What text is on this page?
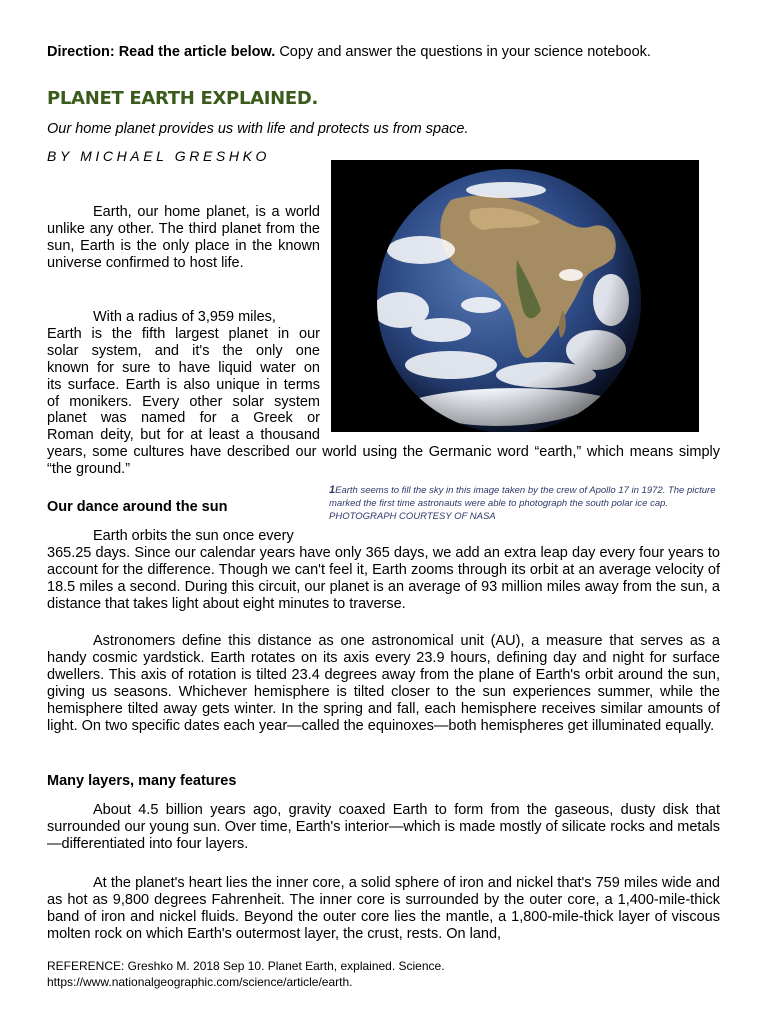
Direction: Read the article below. Copy and answer the questions in your science notebook.
PLANET EARTH EXPLAINED.
Our home planet provides us with life and protects us from space.
BY MICHAEL GRESHKO
Earth, our home planet, is a world unlike any other. The third planet from the sun, Earth is the only place in the known universe confirmed to host life.

With a radius of 3,959 miles,

Earth is the fifth largest planet in our

solar system, and it's the only one

known for sure to have liquid water on

its surface. Earth is also unique in terms

of monikers. Every other solar system

planet was named for a Greek or

Roman deity, but for at least a thousand

years, some cultures have described our world using the Germanic word “earth,” which means simply “the ground.”
1Earth seems to fill the sky in this image taken by the crew of Apollo 17 in 1972. The picture marked the first time astronauts were able to photograph the south polar ice cap. PHOTOGRAPH COURTESY OF NASA
Our dance around the sun
Earth orbits the sun once every
365.25 days. Since our calendar years have only 365 days, we add an extra leap day every four years to account for the difference. Though we can't feel it, Earth zooms through its orbit at an average velocity of 18.5 miles a second. During this circuit, our planet is an average of 93 million miles away from the sun, a distance that takes light about eight minutes to traverse.
Astronomers define this distance as one astronomical unit (AU), a measure that serves as a handy cosmic yardstick. Earth rotates on its axis every 23.9 hours, defining day and night for surface dwellers. This axis of rotation is tilted 23.4 degrees away from the plane of Earth's orbit around the sun, giving us seasons. Whichever hemisphere is tilted closer to the sun experiences summer, while the hemisphere tilted away gets winter. In the spring and fall, each hemisphere receives similar amounts of light. On two specific dates each year—called the equinoxes—both hemispheres get illuminated equally.
Many layers, many features
About 4.5 billion years ago, gravity coaxed Earth to form from the gaseous, dusty disk that surrounded our young sun. Over time, Earth's interior—which is made mostly of silicate rocks and metals—differentiated into four layers.
At the planet's heart lies the inner core, a solid sphere of iron and nickel that's 759 miles wide and as hot as 9,800 degrees Fahrenheit. The inner core is surrounded by the outer core, a 1,400-mile-thick band of iron and nickel fluids. Beyond the outer core lies the mantle, a 1,800-mile-thick layer of viscous molten rock on which Earth's outermost layer, the crust, rests. On land,
REFERENCE: Greshko M. 2018 Sep 10. Planet Earth, explained. Science.
https://www.nationalgeographic.com/science/article/earth.
